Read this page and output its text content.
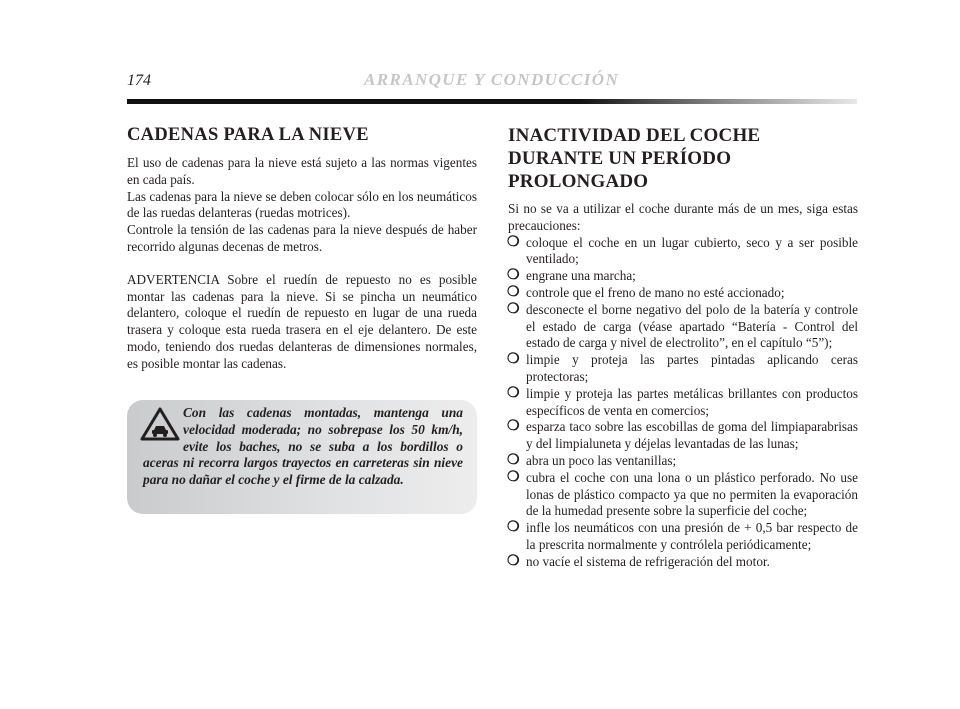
174	ARRANQUE Y CONDUCCIÓN
CADENAS PARA LA NIEVE

El uso de cadenas para la nieve está sujeto a las normas vigentes en cada país.

Las cadenas para la nieve se deben colocar sólo en los neumáticos de las ruedas delanteras (ruedas motrices).

Controle la tensión de las cadenas para la nieve después de haber recorrido algunas decenas de metros.

ADVERTENCIA Sobre el ruedín de repuesto no es posible montar las cadenas para la nieve. Si se pincha un neumático delantero, coloque el ruedín de repuesto en lugar de una rueda trasera y coloque esta rueda trasera en el eje delantero. De este modo, teniendo dos ruedas delanteras de dimensiones normales, es posible montar las cadenas.

Con las cadenas montadas, mantenga una velocidad moderada; no sobrepase los 50 km/h, evite los baches, no se suba a los bordillos o aceras ni recorra largos trayectos en carreteras sin nieve para no dañar el coche y el firme de la calzada.
INACTIVIDAD DEL COCHE DURANTE UN PERÍODO PROLONGADO

Si no se va a utilizar el coche durante más de un mes, siga estas precauciones:

❍ coloque el coche en un lugar cubierto, seco y a ser posible ventilado;
❍ engrane una marcha;
❍ controle que el freno de mano no esté accionado;
❍ desconecte el borne negativo del polo de la batería y controle el estado de carga (véase apartado “Batería - Control del estado de carga y nivel de electrolito”, en el capítulo “5”);
❍ limpie y proteja las partes pintadas aplicando ceras protectoras;
❍ limpie y proteja las partes metálicas brillantes con productos específicos de venta en comercios;
❍ esparza taco sobre las escobillas de goma del limpiaparabrisas y del limpialuneta y déjelas levantadas de las lunas;
❍ abra un poco las ventanillas;
❍ cubra el coche con una lona o un plástico perforado. No use lonas de plástico compacto ya que no permiten la evaporación de la humedad presente sobre la superficie del coche;
❍ infle los neumáticos con una presión de + 0,5 bar respecto de la prescrita normalmente y contrólela periódicamente;
❍ no vacíe el sistema de refrigeración del motor.
